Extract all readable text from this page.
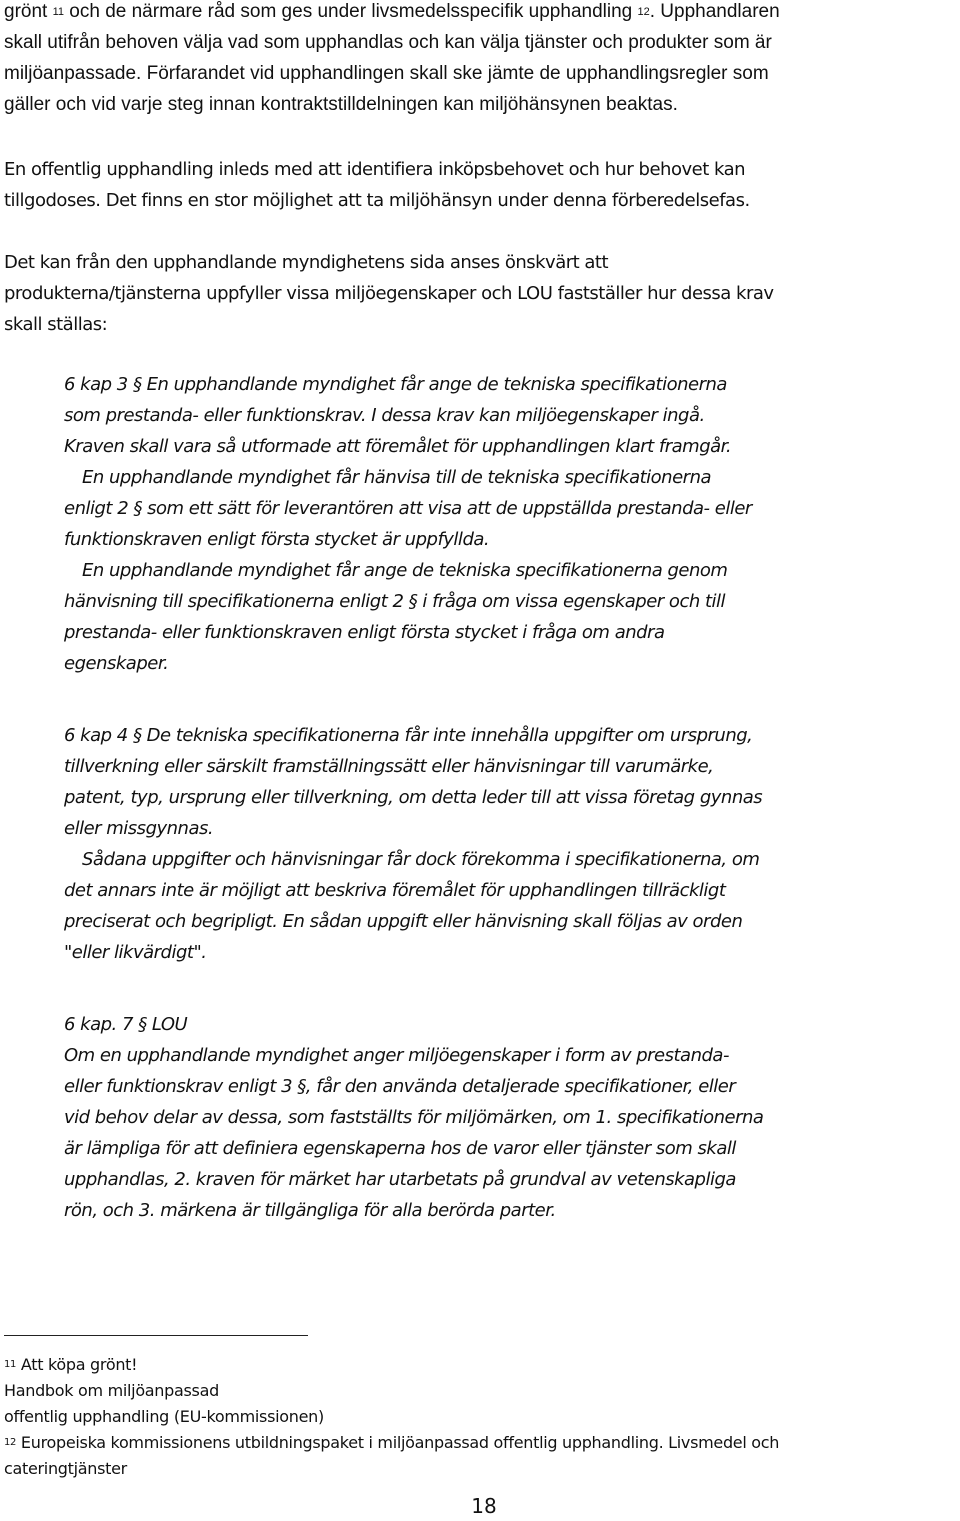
grönt $^{11}$ och de närmare råd som ges under livsmedelsspecifik upphandling $^{12}$. Upphandlaren
skall utifrån behoven välja vad som upphandlas och kan välja tjänster och produkter som är
miljöanpassade. Förfarandet vid upphandlingen skall ske jämte de upphandlingsregler som
gäller och vid varje steg innan kontraktstilldelningen kan miljöhänsynen beaktas.
En offentlig upphandling inleds med att identifiera inköpsbehovet och hur behovet kan
tillgodoses. Det finns en stor möjlighet att ta miljöhänsyn under denna förberedelsefas.
Det kan från den upphandlande myndighetens sida anses önskvärt att
produkterna/tjänsterna uppfyller vissa miljöegenskaper och LOU fastställer hur dessa krav
skall ställas:
6 kap 3 § En upphandlande myndighet får ange de tekniska specifikationerna
som prestanda- eller funktionskrav. I dessa krav kan miljöegenskaper ingå.
Kraven skall vara så utformade att föremålet för upphandlingen klart framgår.
En upphandlande myndighet får hänvisa till de tekniska specifikationerna
enligt 2 § som ett sätt för leverantören att visa att de uppställda prestanda- eller
funktionskraven enligt första stycket är uppfyllda.
En upphandlande myndighet får ange de tekniska specifikationerna genom
hänvisning till specifikationerna enligt 2 § i fråga om vissa egenskaper och till
prestanda- eller funktionskraven enligt första stycket i fråga om andra
egenskaper.
6 kap 4 § De tekniska specifikationerna får inte innehålla uppgifter om ursprung,
tillverkning eller särskilt framställningssätt eller hänvisningar till varumärke,
patent, typ, ursprung eller tillverkning, om detta leder till att vissa företag gynnas
eller missgynnas.
Sådana uppgifter och hänvisningar får dock förekomma i specifikationerna, om
det annars inte är möjligt att beskriva föremålet för upphandlingen tillräckligt
preciserat och begripligt. En sådan uppgift eller hänvisning skall följas av orden
"eller likvärdigt".
6 kap. 7 § LOU
Om en upphandlande myndighet anger miljöegenskaper i form av prestanda-
eller funktionskrav enligt 3 §, får den använda detaljerade specifikationer, eller
vid behov delar av dessa, som fastställts för miljömärken, om 1. specifikationerna
är lämpliga för att definiera egenskaperna hos de varor eller tjänster som skall
upphandlas, 2. kraven för märket har utarbetats på grundval av vetenskapliga
rön, och 3. märkena är tillgängliga för alla berörda parter.
$^{11}$ Att köpa grönt!
Handbok om miljöanpassad
offentlig upphandling (EU-kommissionen)
$^{12}$ Europeiska kommissionens utbildningspaket i miljöanpassad offentlig upphandling. Livsmedel och
cateringtjänster
18
